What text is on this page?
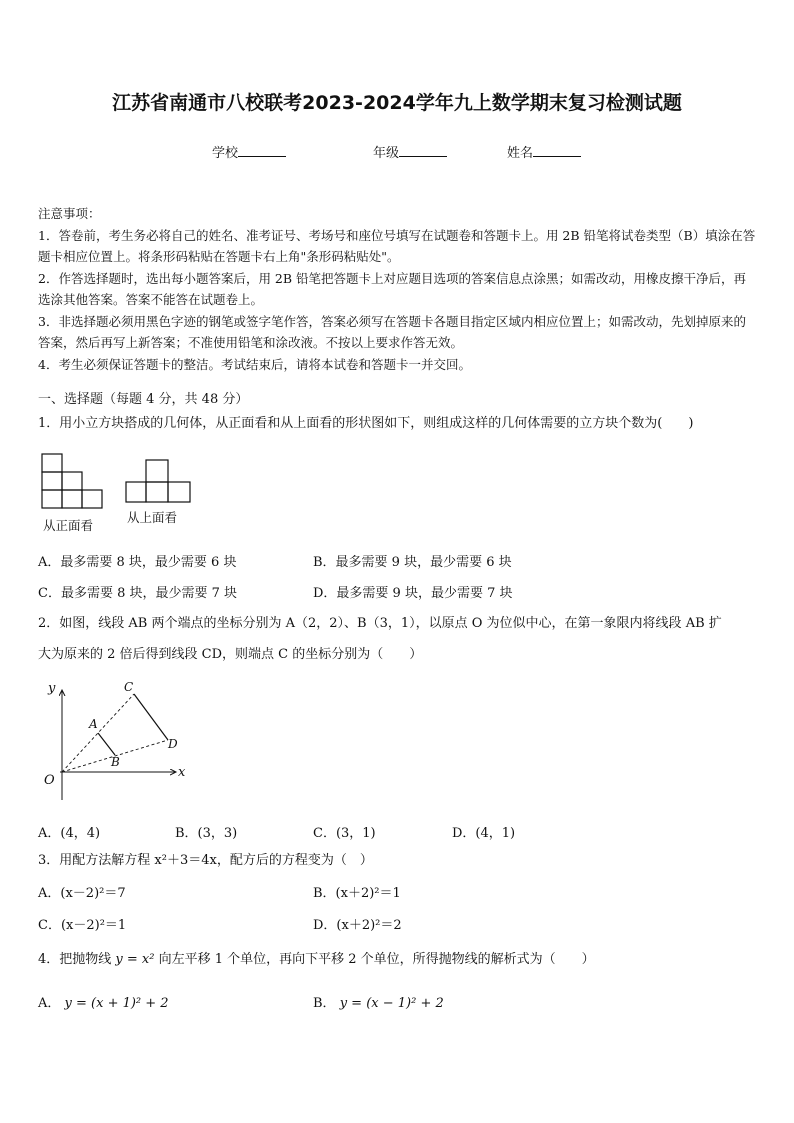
江苏省南通市八校联考2023-2024学年九上数学期末复习检测试题
学校	年级	姓名

注意事项：

1．答卷前，考生务必将自己的姓名、准考证号、考场号和座位号填写在试题卷和答题卡上。用 2B 铅笔将试卷类型（B）填涂在答题卡相应位置上。将条形码粘贴在答题卡右上角"条形码粘贴处"。

2．作答选择题时，选出每小题答案后，用 2B 铅笔把答题卡上对应题目选项的答案信息点涂黑；如需改动，用橡皮擦干净后，再选涂其他答案。答案不能答在试题卷上。

3．非选择题必须用黑色字迹的钢笔或签字笔作答，答案必须写在答题卡各题目指定区域内相应位置上；如需改动，先划掉原来的答案，然后再写上新答案；不准使用铅笔和涂改液。不按以上要求作答无效。

4．考生必须保证答题卡的整洁。考试结束后，请将本试卷和答题卡一并交回。

一、选择题（每题 4 分，共 48 分）
1．用小立方块搭成的几何体，从正面看和从上面看的形状图如下，则组成这样的几何体需要的立方块个数为(　　)
从正面看
从上面看
A．最多需要 8 块，最少需要 6 块	B．最多需要 9 块，最少需要 6 块
C．最多需要 8 块，最少需要 7 块	D．最多需要 9 块，最少需要 7 块
2．如图，线段 AB 两个端点的坐标分别为 A（2，2）、B（3，1），以原点 O 为位似中心，在第一象限内将线段 AB 扩
大为原来的 2 倍后得到线段 CD，则端点 C 的坐标分别为（　　）
y
x
O
A
B
C
D
A．(4，4)	B．(3，3)	C．(3，1)	D．(4，1)
3．用配方法解方程 x²＋3＝4x，配方后的方程变为（　）
A．(x－2)²＝7	B．(x＋2)²＝1
C．(x－2)²＝1	D．(x＋2)²＝2
4．把抛物线 y = x² 向左平移 1 个单位，再向下平移 2 个单位，所得抛物线的解析式为（　　）
A． y = (x + 1)² + 2	B． y = (x − 1)² + 2
